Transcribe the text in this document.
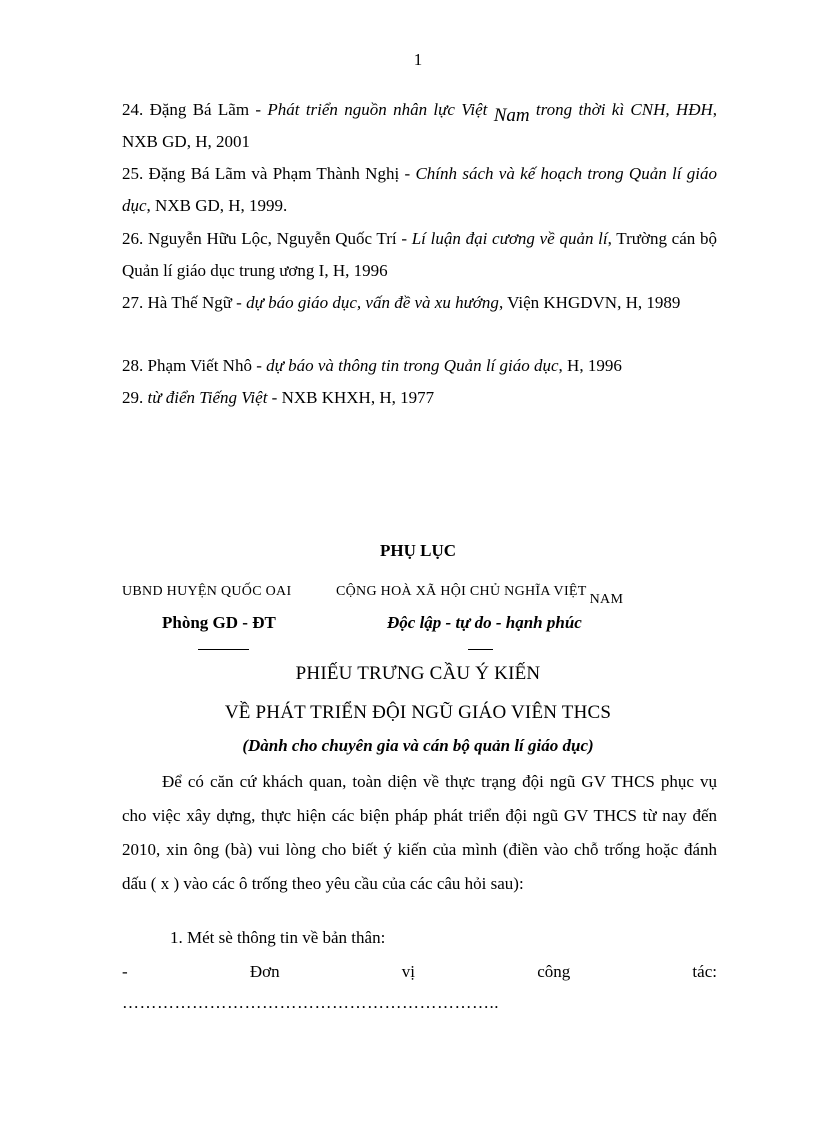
1
24. Đặng Bá Lãm - Phát triển nguồn nhân lực Việt Nam trong thời kì CNH, HĐH, NXB GD, H, 2001
25. Đặng Bá Lãm và Phạm Thành Nghị - Chính sách và kế hoạch trong Quản lí giáo dục, NXB GD, H, 1999.
26. Nguyễn Hữu Lộc, Nguyễn Quốc Trí - Lí luận đại cương về quản lí, Trường cán bộ Quản lí giáo dục trung ương I, H, 1996
27. Hà Thế Ngữ - dự báo giáo dục, vấn đề và xu hướng, Viện KHGDVN, H, 1989
28. Phạm Viết Nhô - dự báo và thông tin trong Quản lí giáo dục, H, 1996
29. từ điển Tiếng Việt - NXB KHXH, H, 1977
PHỤ LỤC
UBND HUYỆN QUỐC OAI	CỘNG HOÀ XÃ HỘI CHỦ NGHĨA VIỆTNAM
Phòng GD - ĐT	Độc lập - tự do - hạnh phúc
PHIẾU TRƯNG CẦU Ý KIẾN
VỀ PHÁT TRIỂN ĐỘI NGŨ GIÁO VIÊN THCS
(Dành cho chuyên gia và cán bộ quản lí giáo dục)
Để có căn cứ khách quan, toàn diện về thực trạng đội ngũ GV THCS phục vụ cho việc xây dựng, thực hiện các biện pháp phát triển đội ngũ GV THCS từ nay đến 2010, xin ông (bà) vui lòng cho biết ý kiến của mình (điền vào chỗ trống hoặc đánh dấu ( x ) vào các ô trống theo yêu cầu của các câu hỏi sau):
1. Mét sè thông tin về bản thân:
-	Đơn	vị	công	tác:
………………………………………………………..
